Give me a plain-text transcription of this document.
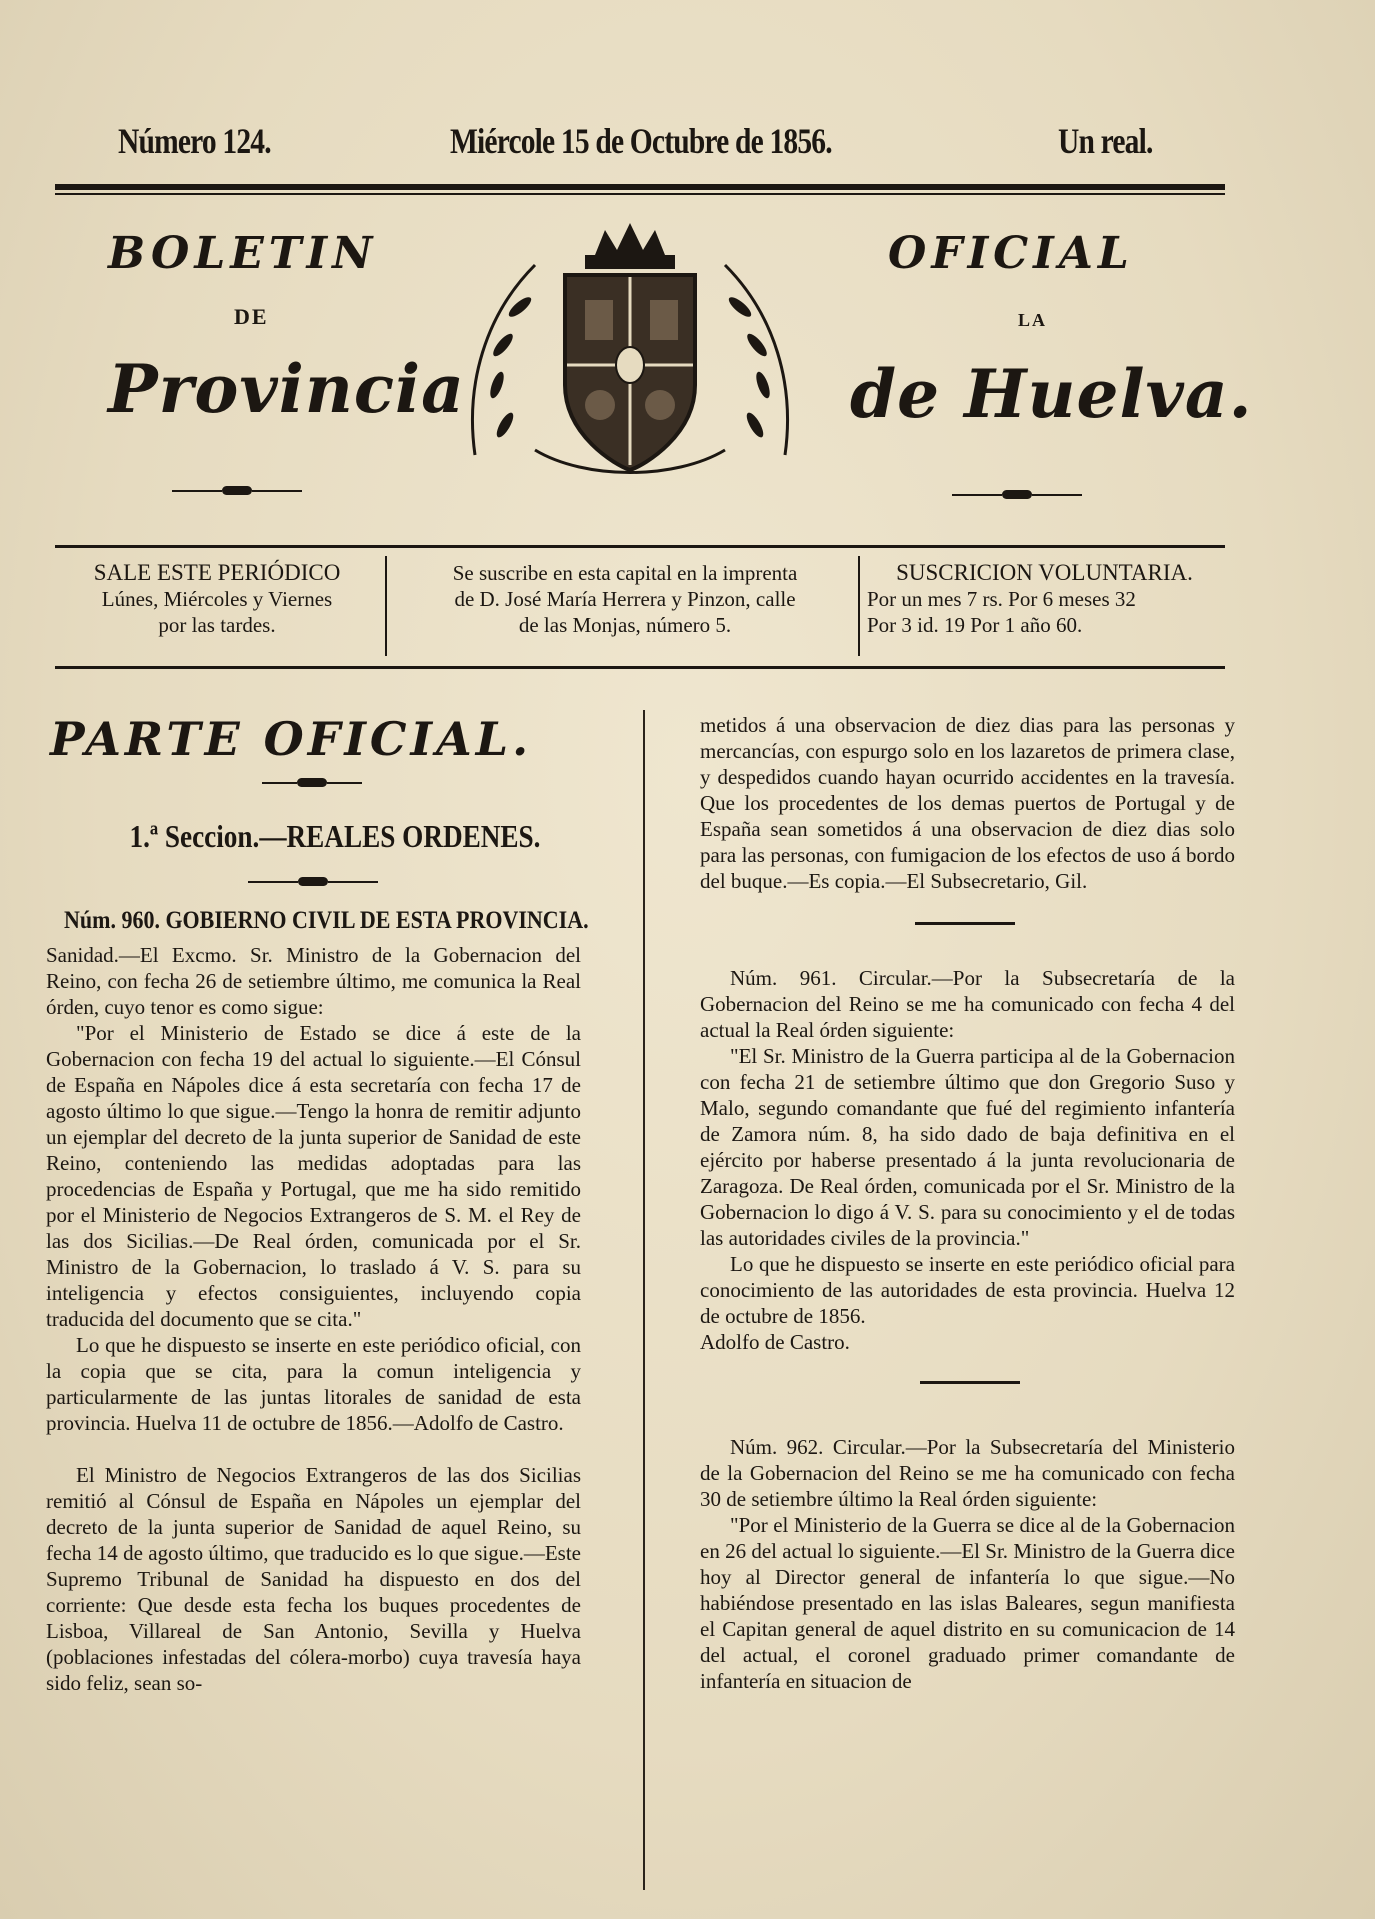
Número 124.	Miércole 15 de Octubre de 1856.	Un real.
BOLETIN
DE
Provincia
OFICIAL
LA
de Huelva.
SALE ESTE PERIÓDICO
Lúnes, Miércoles y Viernes
por las tardes.
Se suscribe en esta capital en la imprenta
de D. José María Herrera y Pinzon, calle
de las Monjas, número 5.
SUSCRICION VOLUNTARIA.
Por un mes 7 rs. Por 6 meses 32
Por 3 id. 19 Por 1 año 60.
PARTE OFICIAL.
1.ª Seccion.—REALES ORDENES.

Núm. 960. GOBIERNO CIVIL DE ESTA PROVINCIA.

Sanidad.—El Excmo. Sr. Ministro de la Gobernacion del Reino, con fecha 26 de setiembre último, me comunica la Real órden, cuyo tenor es como sigue:

"Por el Ministerio de Estado se dice á este de la Gobernacion con fecha 19 del actual lo siguiente.—El Cónsul de España en Nápoles dice á esta secretaría con fecha 17 de agosto último lo que sigue.—Tengo la honra de remitir adjunto un ejemplar del decreto de la junta superior de Sanidad de este Reino, conteniendo las medidas adoptadas para las procedencias de España y Portugal, que me ha sido remitido por el Ministerio de Negocios Extrangeros de S. M. el Rey de las dos Sicilias.—De Real órden, comunicada por el Sr. Ministro de la Gobernacion, lo traslado á V. S. para su inteligencia y efectos consiguientes, incluyendo copia traducida del documento que se cita."

Lo que he dispuesto se inserte en este periódico oficial, con la copia que se cita, para la comun inteligencia y particularmente de las juntas litorales de sanidad de esta provincia. Huelva 11 de octubre de 1856.—Adolfo de Castro.

El Ministro de Negocios Extrangeros de las dos Sicilias remitió al Cónsul de España en Nápoles un ejemplar del decreto de la junta superior de Sanidad de aquel Reino, su fecha 14 de agosto último, que traducido es lo que sigue.—Este Supremo Tribunal de Sanidad ha dispuesto en dos del corriente: Que desde esta fecha los buques procedentes de Lisboa, Villareal de San Antonio, Sevilla y Huelva (poblaciones infestadas del cólera-morbo) cuya travesía haya sido feliz, sean so-

metidos á una observacion de diez dias para las personas y mercancías, con espurgo solo en los lazaretos de primera clase, y despedidos cuando hayan ocurrido accidentes en la travesía. Que los procedentes de los demas puertos de Portugal y de España sean sometidos á una observacion de diez dias solo para las personas, con fumigacion de los efectos de uso á bordo del buque.—Es copia.—El Subsecretario, Gil.

Núm. 961. Circular.—Por la Subsecretaría de la Gobernacion del Reino se me ha comunicado con fecha 4 del actual la Real órden siguiente:

"El Sr. Ministro de la Guerra participa al de la Gobernacion con fecha 21 de setiembre último que don Gregorio Suso y Malo, segundo comandante que fué del regimiento infantería de Zamora núm. 8, ha sido dado de baja definitiva en el ejército por haberse presentado á la junta revolucionaria de Zaragoza. De Real órden, comunicada por el Sr. Ministro de la Gobernacion lo digo á V. S. para su conocimiento y el de todas las autoridades civiles de la provincia."

Lo que he dispuesto se inserte en este periódico oficial para conocimiento de las autoridades de esta provincia. Huelva 12 de octubre de 1856.

Adolfo de Castro.

Núm. 962. Circular.—Por la Subsecretaría del Ministerio de la Gobernacion del Reino se me ha comunicado con fecha 30 de setiembre último la Real órden siguiente:

"Por el Ministerio de la Guerra se dice al de la Gobernacion en 26 del actual lo siguiente.—El Sr. Ministro de la Guerra dice hoy al Director general de infantería lo que sigue.—No habiéndose presentado en las islas Baleares, segun manifiesta el Capitan general de aquel distrito en su comunicacion de 14 del actual, el coronel graduado primer comandante de infantería en situacion de
